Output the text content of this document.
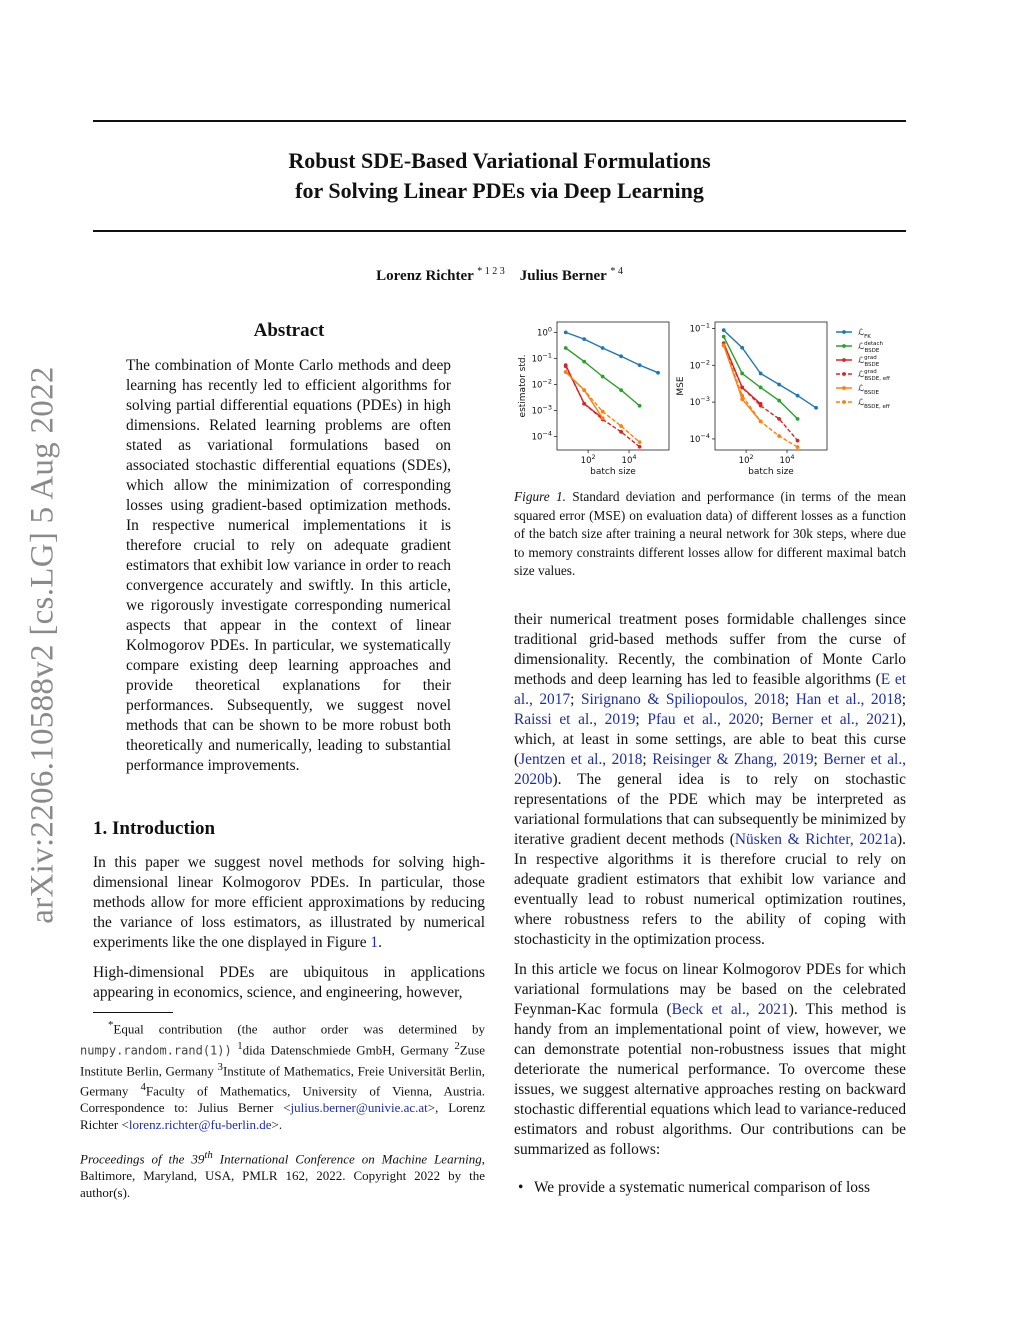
arXiv:2206.10588v2 [cs.LG] 5 Aug 2022
Robust SDE-Based Variational Formulations
for Solving Linear PDEs via Deep Learning
Lorenz Richter $^{* 1 2 3}$ Julius Berner $^{* 4}$
Abstract

The combination of Monte Carlo methods and deep learning has recently led to efficient algorithms for solving partial differential equations (PDEs) in high dimensions. Related learning problems are often stated as variational formulations based on associated stochastic differential equations (SDEs), which allow the minimization of corresponding losses using gradient-based optimization methods. In respective numerical implementations it is therefore crucial to rely on adequate gradient estimators that exhibit low variance in order to reach convergence accurately and swiftly. In this article, we rigorously investigate corresponding numerical aspects that appear in the context of linear Kolmogorov PDEs. In particular, we systematically compare existing deep learning approaches and provide theoretical explanations for their performances. Subsequently, we suggest novel methods that can be shown to be more robust both theoretically and numerically, leading to substantial performance improvements.

1. Introduction

In this paper we suggest novel methods for solving high-dimensional linear Kolmogorov PDEs. In particular, those methods allow for more efficient approximations by reducing the variance of loss estimators, as illustrated by numerical experiments like the one displayed in Figure 1.

High-dimensional PDEs are ubiquitous in applications appearing in economics, science, and engineering, however,

*Equal contribution (the author order was determined by numpy.random.rand(1)) $^1$dida Datenschmiede GmbH, Germany $^2$Zuse Institute Berlin, Germany $^3$Institute of Mathematics, Freie Universität Berlin, Germany $^4$Faculty of Mathematics, University of Vienna, Austria. Correspondence to: Julius Berner <julius.berner@univie.ac.at>, Lorenz Richter <lorenz.richter@fu-berlin.de>.
Proceedings of the 39th International Conference on Machine Learning, Baltimore, Maryland, USA, PMLR 162, 2022. Copyright 2022 by the author(s).
$10^2$	$10^4$
$10^0$
$10^{-1}$
$10^{-2}$
$10^{-3}$
$10^{-4}$
batch size
estimator std.
$10^2$	$10^4$
$10^{-1}$
$10^{-2}$
$10^{-3}$
$10^{-4}$
batch size
MSE
ℒ$_{FK}$
ℒ$^{detach}$ BSDE
ℒ$^{grad}$ BSDE
ℒ$^{grad}$ BSDE, eff
ℒ$_{BSDE}$
ℒ$_{BSDE, eff}$
Figure 1. Standard deviation and performance (in terms of the mean squared error (MSE) on evaluation data) of different losses as a function of the batch size after training a neural network for 30k steps, where due to memory constraints different losses allow for different maximal batch size values.

their numerical treatment poses formidable challenges since traditional grid-based methods suffer from the curse of dimensionality. Recently, the combination of Monte Carlo methods and deep learning has led to feasible algorithms (E et al., 2017; Sirignano & Spiliopoulos, 2018; Han et al., 2018; Raissi et al., 2019; Pfau et al., 2020; Berner et al., 2021), which, at least in some settings, are able to beat this curse (Jentzen et al., 2018; Reisinger & Zhang, 2019; Berner et al., 2020b). The general idea is to rely on stochastic representations of the PDE which may be interpreted as variational formulations that can subsequently be minimized by iterative gradient decent methods (Nüsken & Richter, 2021a). In respective algorithms it is therefore crucial to rely on adequate gradient estimators that exhibit low variance and eventually lead to robust numerical optimization routines, where robustness refers to the ability of coping with stochasticity in the optimization process.

In this article we focus on linear Kolmogorov PDEs for which variational formulations may be based on the celebrated Feynman-Kac formula (Beck et al., 2021). This method is handy from an implementational point of view, however, we can demonstrate potential non-robustness issues that might deteriorate the numerical performance. To overcome these issues, we suggest alternative approaches resting on backward stochastic differential equations which lead to variance-reduced estimators and robust algorithms. Our contributions can be summarized as follows:

• We provide a systematic numerical comparison of loss
